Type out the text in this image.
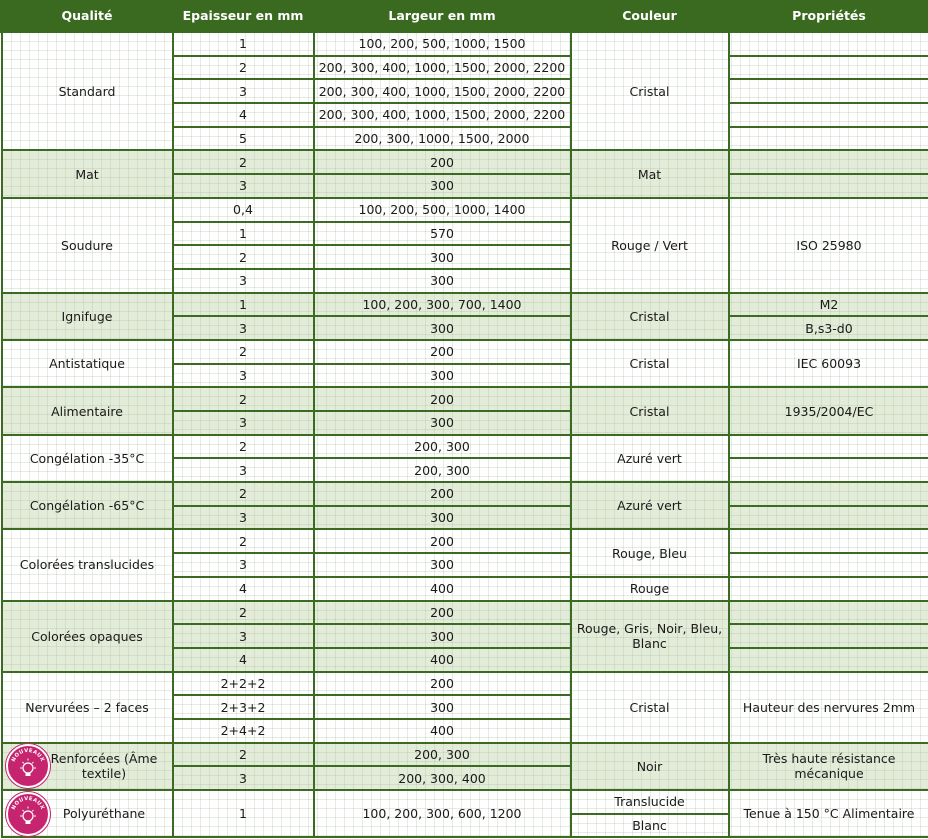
Qualité	Epaisseur en mm	Largeur en mm	Couleur	Propriétés
Standard	1	100, 200, 500, 1000, 1500	Cristal	
	2	200, 300, 400, 1000, 1500, 2000, 2200		
	3	200, 300, 400, 1000, 1500, 2000, 2200		
	4	200, 300, 400, 1000, 1500, 2000, 2200		
	5	200, 300, 1000, 1500, 2000		
Mat	2	200	Mat	
	3	300		
Soudure	0,4	100, 200, 500, 1000, 1400	Rouge / Vert	ISO 25980
	1	570		
	2	300		
	3	300		
Ignifuge	1	100, 200, 300, 700, 1400	Cristal	M2
	3	300		B,s3-d0
Antistatique	2	200	Cristal	IEC 60093
	3	300		
Alimentaire	2	200	Cristal	1935/2004/EC
	3	300		
Congélation -35°C	2	200, 300	Azuré vert	
	3	200, 300		
Congélation -65°C	2	200	Azuré vert	
	3	300		
Colorées translucides	2	200	Rouge, Bleu	
	3	300		
	4	400	Rouge	
Colorées opaques	2	200	Rouge, Gris, Noir, Bleu, Blanc	
	3	300		
	4	400		
Nervurées – 2 faces	2+2+2	200	Cristal	Hauteur des nervures 2mm
	2+3+2	300		
	2+4+2	400		

NOUVEAUX Renforcées (Âme textile)	2	200, 300	Noir	Très haute résistance mécanique
	3	200, 300, 400		

NOUVEAUX Polyuréthane	1	100, 200, 300, 600, 1200	Translucide	Tenue à 150 °C Alimentaire
			Blanc	
